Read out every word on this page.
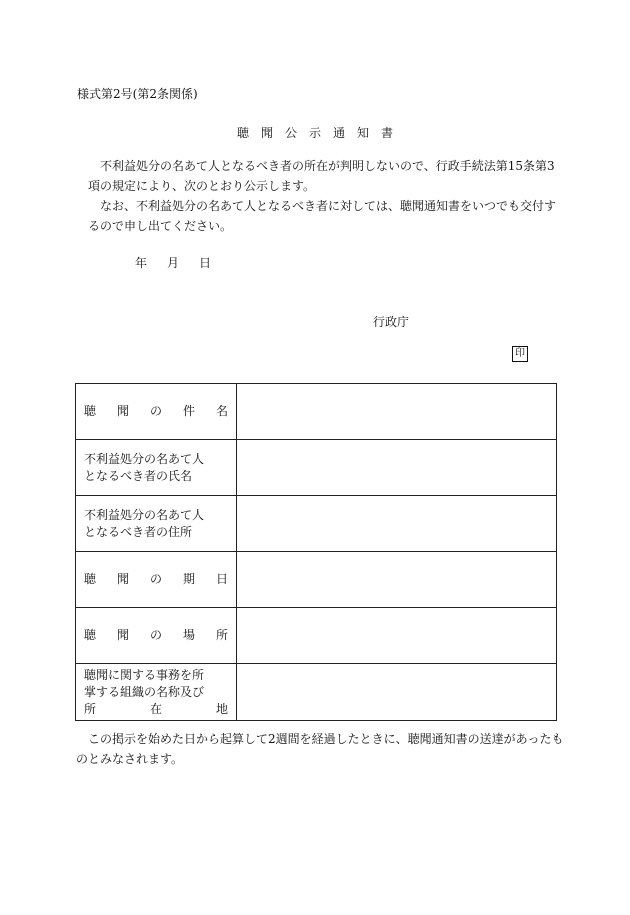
様式第2号(第2条関係)
聴  聞  公  示  通  知  書
不利益処分の名あて人となるべき者の所在が判明しないので、行政手続法第15条第3
項の規定により、次のとおり公示します。
なお、不利益処分の名あて人となるべき者に対しては、聴聞通知書をいつでも交付す
るので申し出てください。
年 月 日
行政庁
印
聴 聞 の 件 名	

不利益処分の名あて人
となるべき者の氏名	

不利益処分の名あて人
となるべき者の住所	

聴 聞 の 期 日	

聴 聞 の 場 所	

聴聞に関する事務を所
掌する組織の名称及び
所 在 地	

この掲示を始めた日から起算して2週間を経過したときに、聴聞通知書の送達があったも
のとみなされます。
